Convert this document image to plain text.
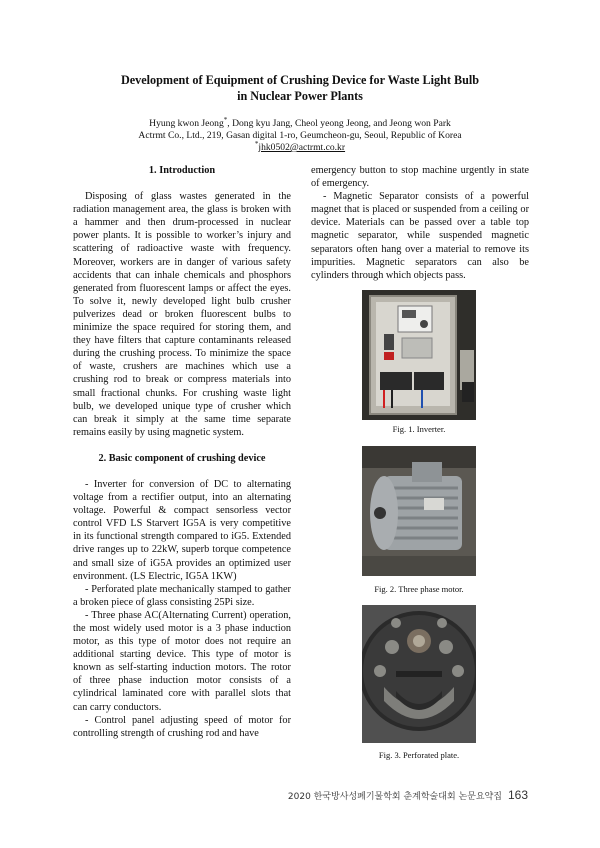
Development of Equipment of Crushing Device for Waste Light Bulb
in Nuclear Power Plants
Hyung kwon Jeong*, Dong kyu Jang, Cheol yeong Jeong, and Jeong won Park
Actrmt Co., Ltd., 219, Gasan digital 1-ro, Geumcheon-gu, Seoul, Republic of Korea
*jhk0502@actrmt.co.kr

1. Introduction

Disposing of glass wastes generated in the radiation management area, the glass is broken with a hammer and then drum-processed in nuclear power plants. It is possible to worker’s injury and scattering of radioactive waste with frequency. Moreover, workers are in danger of various safety accidents that can inhale chemicals and phosphors generated from fluorescent lamps or affect the eyes. To solve it, newly developed light bulb crusher pulverizes dead or broken fluorescent bulbs to minimize the space required for storing them, and they have filters that capture contaminants released during the crushing process. To minimize the space of waste, crushers are machines which use a crushing rod to break or compress materials into small fractional chunks. For crushing waste light bulb, we developed unique type of crusher which can break it simply at the same time separate remains easily by using magnetic system.

2. Basic component of crushing device

- Inverter for conversion of DC to alternating voltage from a rectifier output, into an alternating voltage. Powerful & compact sensorless vector control VFD LS Starvert IG5A is very competitive in its functional strength compared to iG5. Extended drive ranges up to 22kW, superb torque competence and small size of iG5A provides an optimized user environment. (LS Electric, IG5A 1KW)

- Perforated plate mechanically stamped to gather a broken piece of glass consisting 25Pi size.

- Three phase AC(Alternating Current) operation, the most widely used motor is a 3 phase induction motor, as this type of motor does not require an additional starting device. This type of motor is known as self-starting induction motors. The rotor of three phase induction motor consists of a cylindrical laminated core with parallel slots that can carry conductors.

- Control panel adjusting speed of motor for controlling strength of crushing rod and have

emergency button to stop machine urgently in state of emergency.

- Magnetic Separator consists of a powerful magnet that is placed or suspended from a ceiling or device. Materials can be passed over a table top magnetic separator, while suspended magnetic separators often hang over a material to remove its impurities. Magnetic separators can also be cylinders through which objects pass.

Fig. 1. Inverter.
Fig. 2. Three phase motor.
Fig. 3. Perforated plate.
2020 한국방사성폐기물학회 춘계학술대회 논문요약집 163
